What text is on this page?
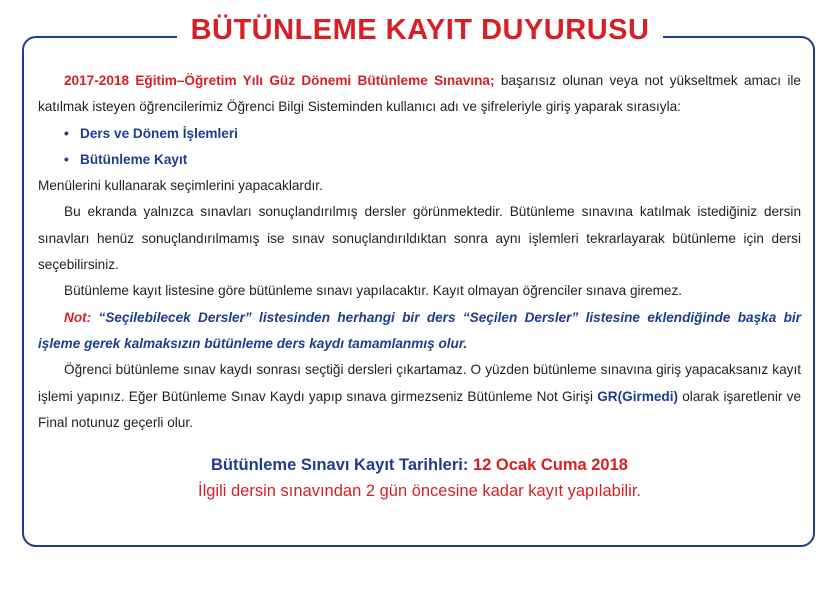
BÜTÜNLEME KAYIT DUYURUSU

2017-2018 Eğitim–Öğretim Yılı Güz Dönemi Bütünleme Sınavına; başarısız olunan veya not yükseltmek amacı ile katılmak isteyen öğrencilerimiz Öğrenci Bilgi Sisteminden kullanıcı adı ve şifreleriyle giriş yaparak sırasıyla:

• Ders ve Dönem İşlemleri
• Bütünleme Kayıt

Menülerini kullanarak seçimlerini yapacaklardır.

Bu ekranda yalnızca sınavları sonuçlandırılmış dersler görünmektedir. Bütünleme sınavına katılmak istediğiniz dersin sınavları henüz sonuçlandırılmamış ise sınav sonuçlandırıldıktan sonra aynı işlemleri tekrarlayarak bütünleme için dersi seçebilirsiniz.

Bütünleme kayıt listesine göre bütünleme sınavı yapılacaktır. Kayıt olmayan öğrenciler sınava giremez.

Not: “Seçilebilecek Dersler” listesinden herhangi bir ders “Seçilen Dersler” listesine eklendiğinde başka bir işleme gerek kalmaksızın bütünleme ders kaydı tamamlanmış olur.

Öğrenci bütünleme sınav kaydı sonrası seçtiği dersleri çıkartamaz. O yüzden bütünleme sınavına giriş yapacaksanız kayıt işlemi yapınız. Eğer Bütünleme Sınav Kaydı yapıp sınava girmezseniz Bütünleme Not Girişi GR(Girmedi) olarak işaretlenir ve Final notunuz geçerli olur.

Bütünleme Sınavı Kayıt Tarihleri: 12 Ocak Cuma 2018
İlgili dersin sınavından 2 gün öncesine kadar kayıt yapılabilir.
